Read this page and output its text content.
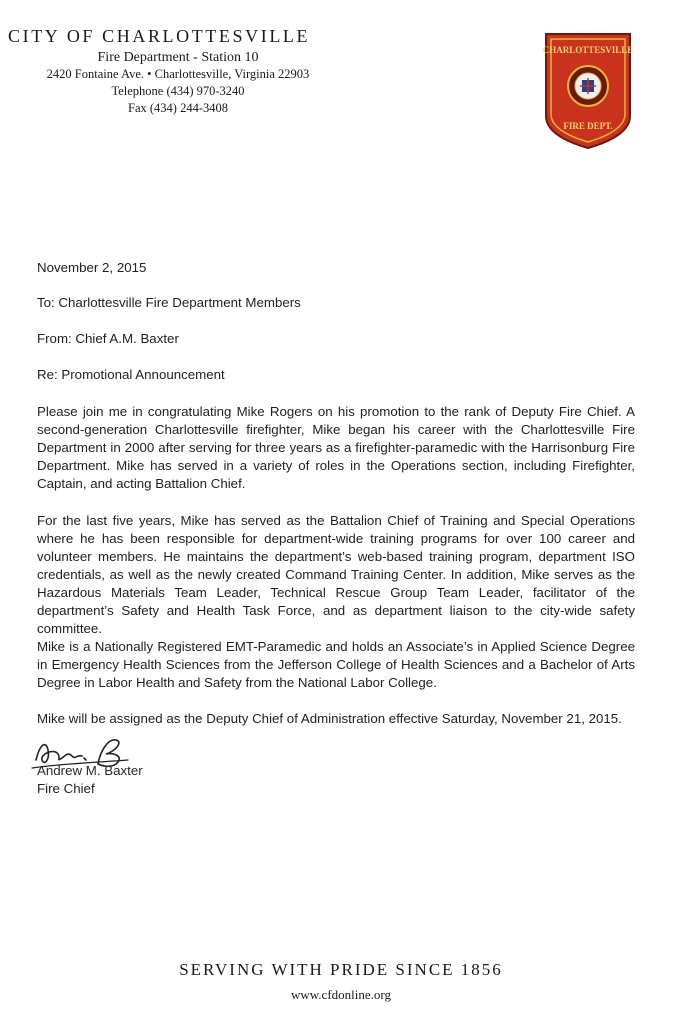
CITY OF CHARLOTTESVILLE
Fire Department - Station 10
2420 Fontaine Ave. • Charlottesville, Virginia 22903
Telephone (434) 970-3240
Fax (434) 244-3408
CHARLOTTESVILLE
FIRE DEPT.
November 2, 2015
To: Charlottesville Fire Department Members
From: Chief A.M. Baxter
Re: Promotional Announcement
Please join me in congratulating Mike Rogers on his promotion to the rank of Deputy Fire Chief. A second-generation Charlottesville firefighter, Mike began his career with the Charlottesville Fire Department in 2000 after serving for three years as a firefighter-paramedic with the Harrisonburg Fire Department. Mike has served in a variety of roles in the Operations section, including Firefighter, Captain, and acting Battalion Chief.
For the last five years, Mike has served as the Battalion Chief of Training and Special Operations where he has been responsible for department-wide training programs for over 100 career and volunteer members. He maintains the department’s web-based training program, department ISO credentials, as well as the newly created Command Training Center. In addition, Mike serves as the Hazardous Materials Team Leader, Technical Rescue Group Team Leader, facilitator of the department’s Safety and Health Task Force, and as department liaison to the city-wide safety committee.
Mike is a Nationally Registered EMT-Paramedic and holds an Associate’s in Applied Science Degree in Emergency Health Sciences from the Jefferson College of Health Sciences and a Bachelor of Arts Degree in Labor Health and Safety from the National Labor College.
Mike will be assigned as the Deputy Chief of Administration effective Saturday, November 21, 2015.
Andrew M. Baxter
Fire Chief
SERVING WITH PRIDE SINCE 1856
www.cfdonline.org
